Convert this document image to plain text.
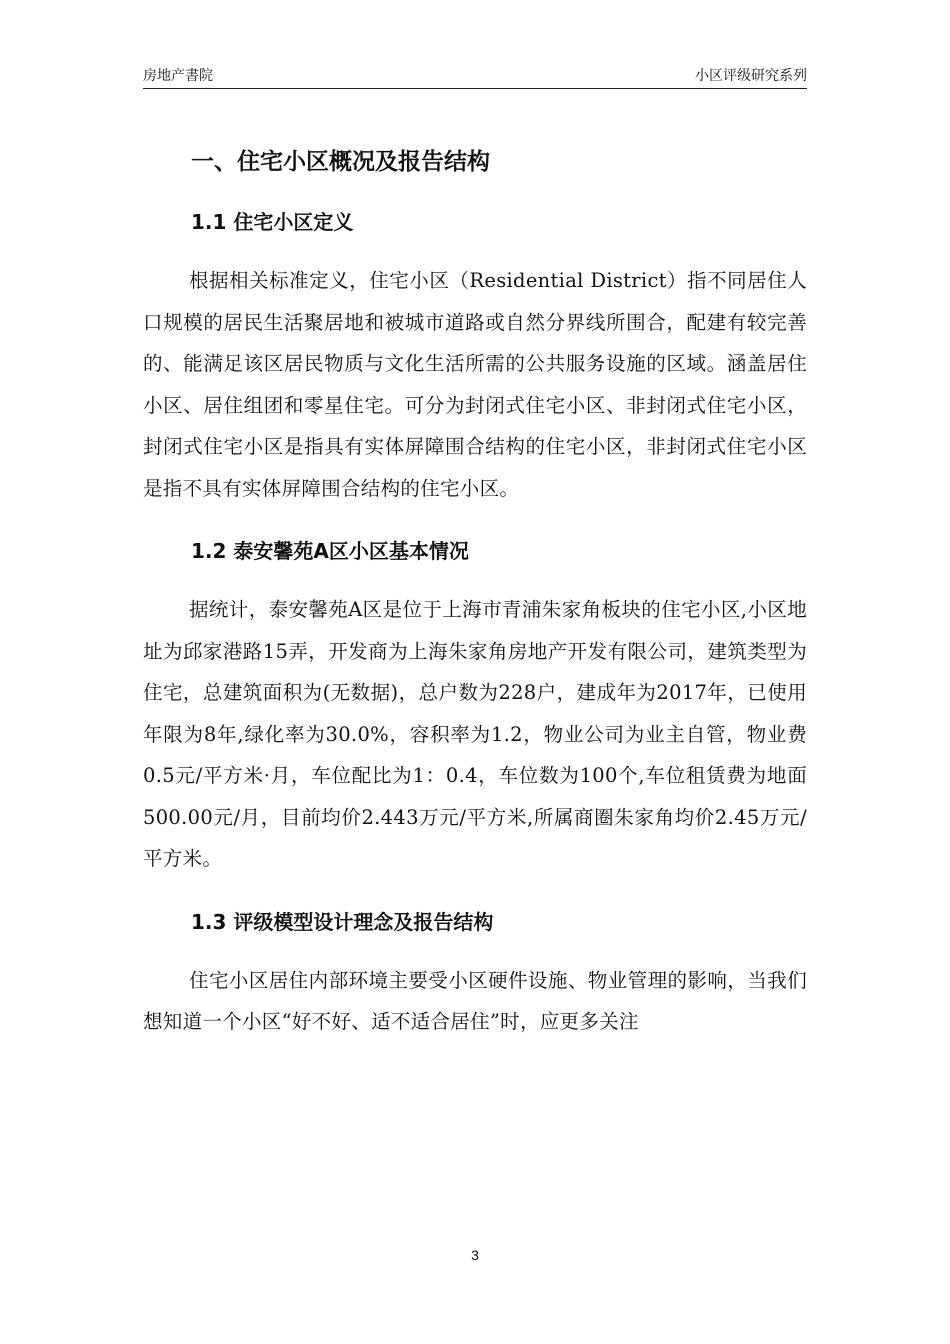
房地产書院	小区评级研究系列
一、住宅小区概况及报告结构
1.1 住宅小区定义

根据相关标准定义，住宅小区（Residential District）指不同居住人口规模的居民生活聚居地和被城市道路或自然分界线所围合，配建有较完善的、能满足该区居民物质与文化生活所需的公共服务设施的区域。涵盖居住小区、居住组团和零星住宅。可分为封闭式住宅小区、非封闭式住宅小区，封闭式住宅小区是指具有实体屏障围合结构的住宅小区，非封闭式住宅小区是指不具有实体屏障围合结构的住宅小区。

1.2 泰安馨苑A区小区基本情况

据统计，泰安馨苑A区是位于上海市青浦朱家角板块的住宅小区,小区地址为邱家港路15弄，开发商为上海朱家角房地产开发有限公司，建筑类型为住宅，总建筑面积为(无数据)，总户数为228户，建成年为2017年，已使用年限为8年,绿化率为30.0%，容积率为1.2，物业公司为业主自管，物业费0.5元/平方米·月，车位配比为1：0.4，车位数为100个,车位租赁费为地面500.00元/月，目前均价2.443万元/平方米,所属商圈朱家角均价2.45万元/平方米。

1.3 评级模型设计理念及报告结构

住宅小区居住内部环境主要受小区硬件设施、物业管理的影响，当我们想知道一个小区“好不好、适不适合居住”时，应更多关注

3
